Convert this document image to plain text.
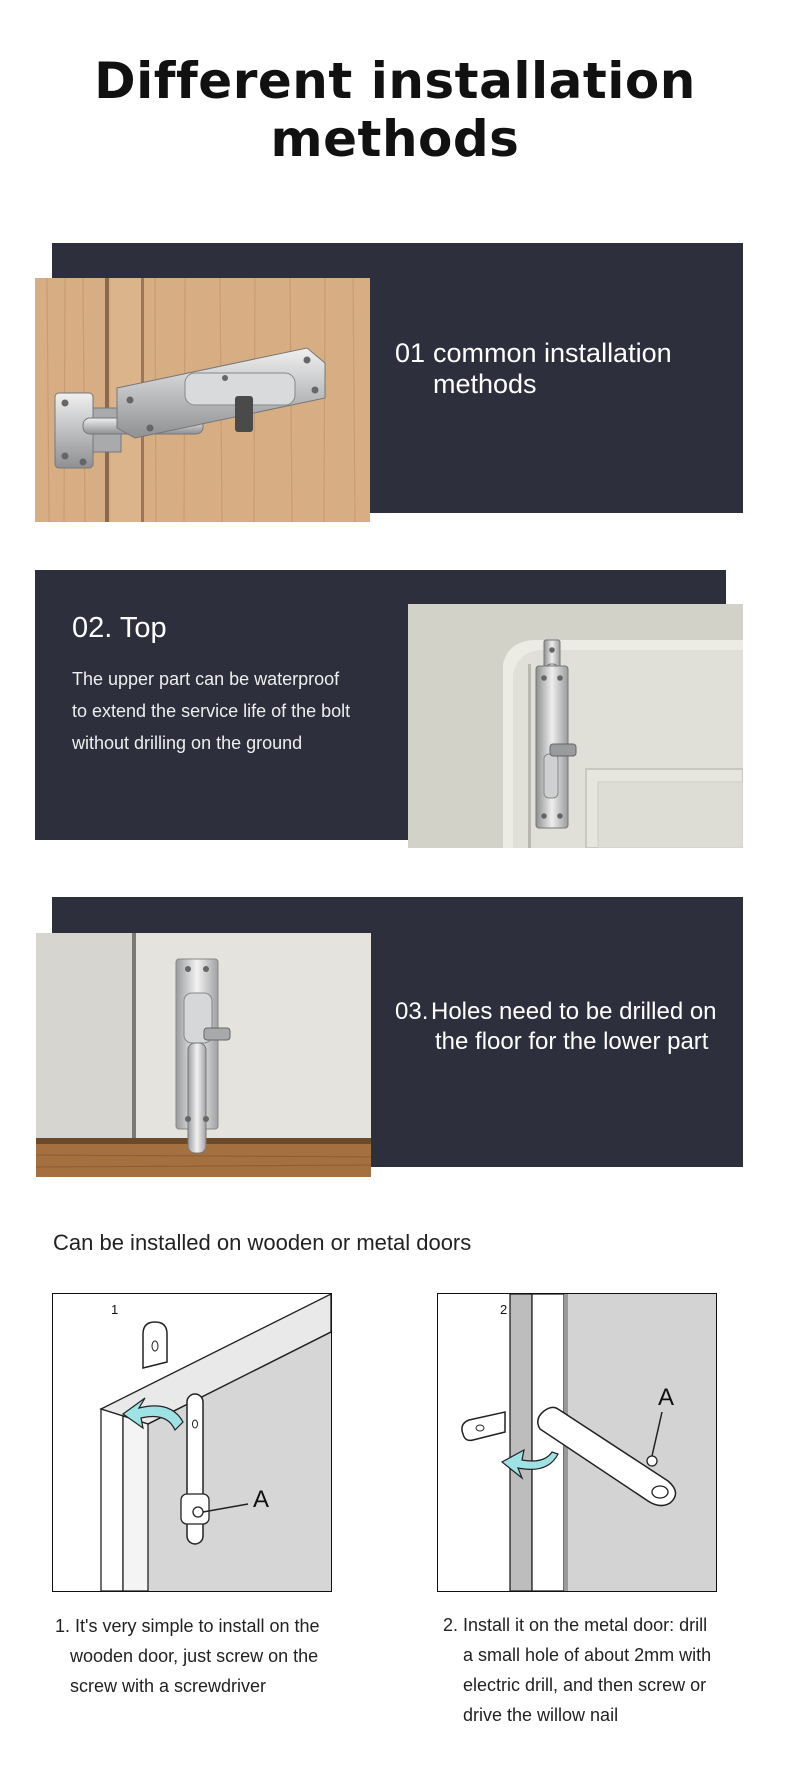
Different installation methods
01 common installation
methods
02. Top
The upper part can be waterproof
to extend the service life of the bolt
without drilling on the ground
03. Holes need to be drilled on
the floor for the lower part
Can be installed on wooden or metal doors
1
A
2
A
1. It's very simple to install on the
wooden door, just screw on the
screw with a screwdriver
2. Install it on the metal door: drill
a small hole of about 2mm with
electric drill, and then screw or
drive the willow nail
